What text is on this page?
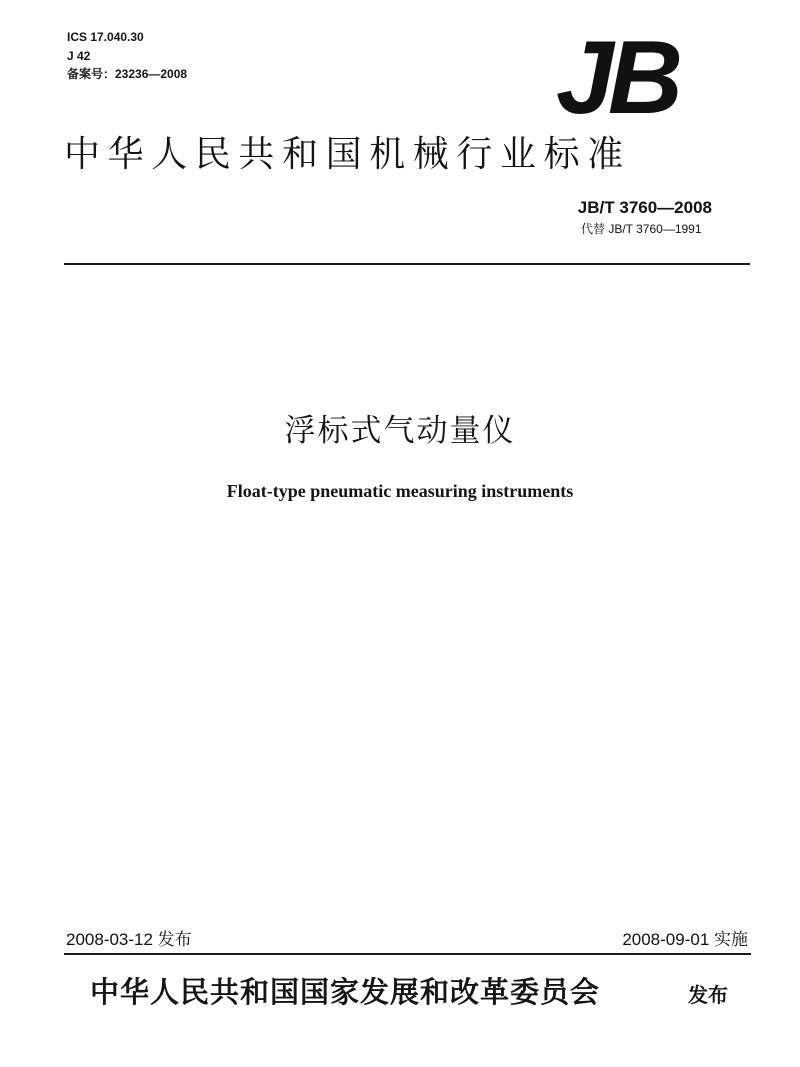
ICS 17.040.30
J 42
备案号：23236—2008	JB
中华人民共和国机械行业标准
JB/T 3760—2008
代替 JB/T 3760—1991
浮标式气动量仪
Float-type pneumatic measuring instruments
2008-03-12 发布	2008-09-01 实施
中华人民共和国国家发展和改革委员会	发布
